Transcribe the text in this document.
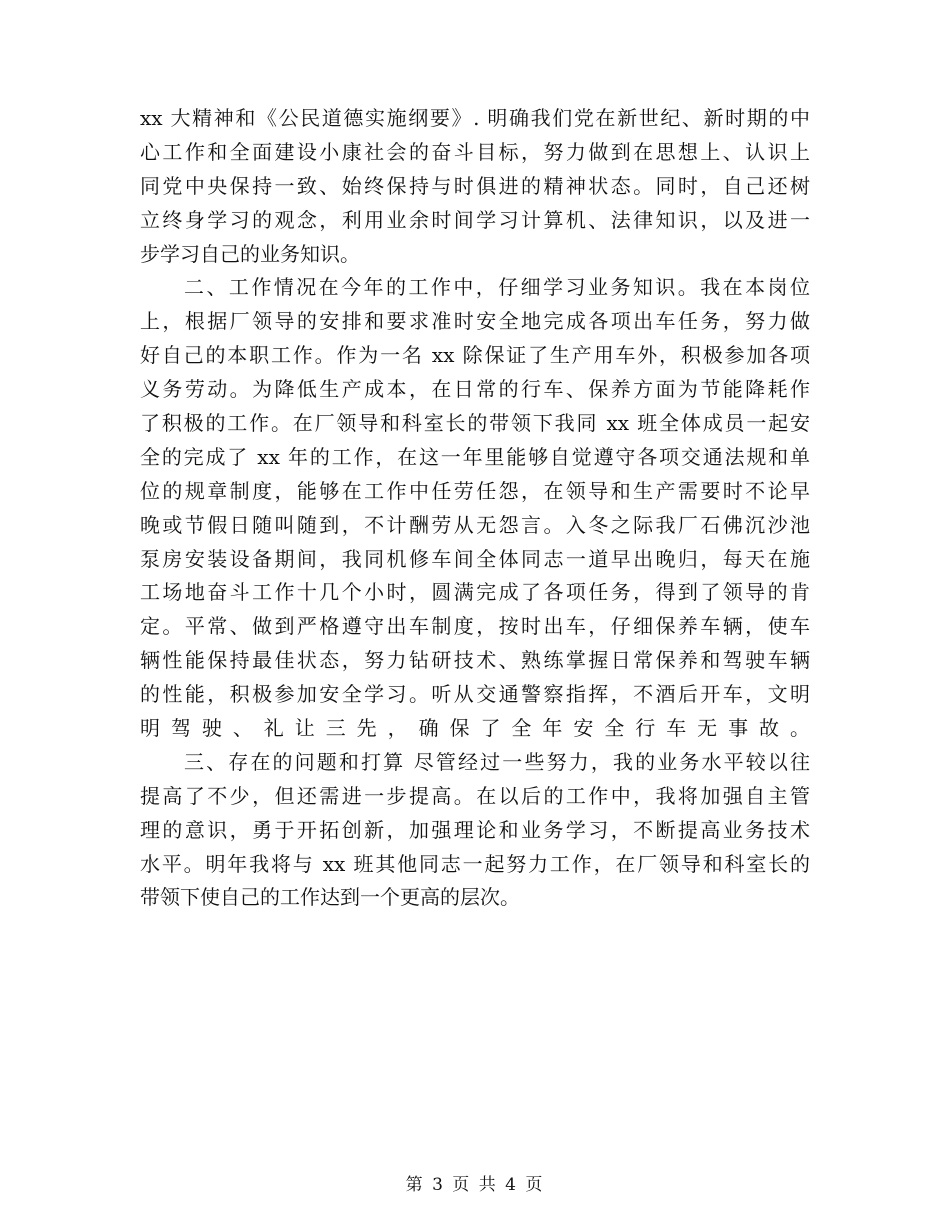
xx 大精神和《公民道德实施纲要》. 明确我们党在新世纪、新时期的中
心工作和全面建设小康社会的奋斗目标，努力做到在思想上、认识上
同党中央保持一致、始终保持与时俱进的精神状态。同时，自己还树
立终身学习的观念，利用业余时间学习计算机、法律知识，以及进一
步学习自己的业务知识。
二、工作情况在今年的工作中，仔细学习业务知识。我在本岗位
上，根据厂领导的安排和要求准时安全地完成各项出车任务，努力做
好自己的本职工作。作为一名 xx 除保证了生产用车外，积极参加各项
义务劳动。为降低生产成本，在日常的行车、保养方面为节能降耗作
了积极的工作。在厂领导和科室长的带领下我同 xx 班全体成员一起安
全的完成了 xx 年的工作，在这一年里能够自觉遵守各项交通法规和单
位的规章制度，能够在工作中任劳任怨，在领导和生产需要时不论早
晚或节假日随叫随到，不计酬劳从无怨言。入冬之际我厂石佛沉沙池
泵房安装设备期间，我同机修车间全体同志一道早出晚归，每天在施
工场地奋斗工作十几个小时，圆满完成了各项任务，得到了领导的肯
定。平常、做到严格遵守出车制度，按时出车，仔细保养车辆，使车
辆性能保持最佳状态，努力钻研技术、熟练掌握日常保养和驾驶车辆
的性能，积极参加安全学习。听从交通警察指挥，不酒后开车，文明
明驾驶、礼让三先，确保了全年安全行车无事故。
三、存在的问题和打算 尽管经过一些努力，我的业务水平较以往
提高了不少，但还需进一步提高。在以后的工作中，我将加强自主管
理的意识，勇于开拓创新，加强理论和业务学习，不断提高业务技术
水平。明年我将与 xx 班其他同志一起努力工作，在厂领导和科室长的
带领下使自己的工作达到一个更高的层次。
第 3 页 共 4 页
